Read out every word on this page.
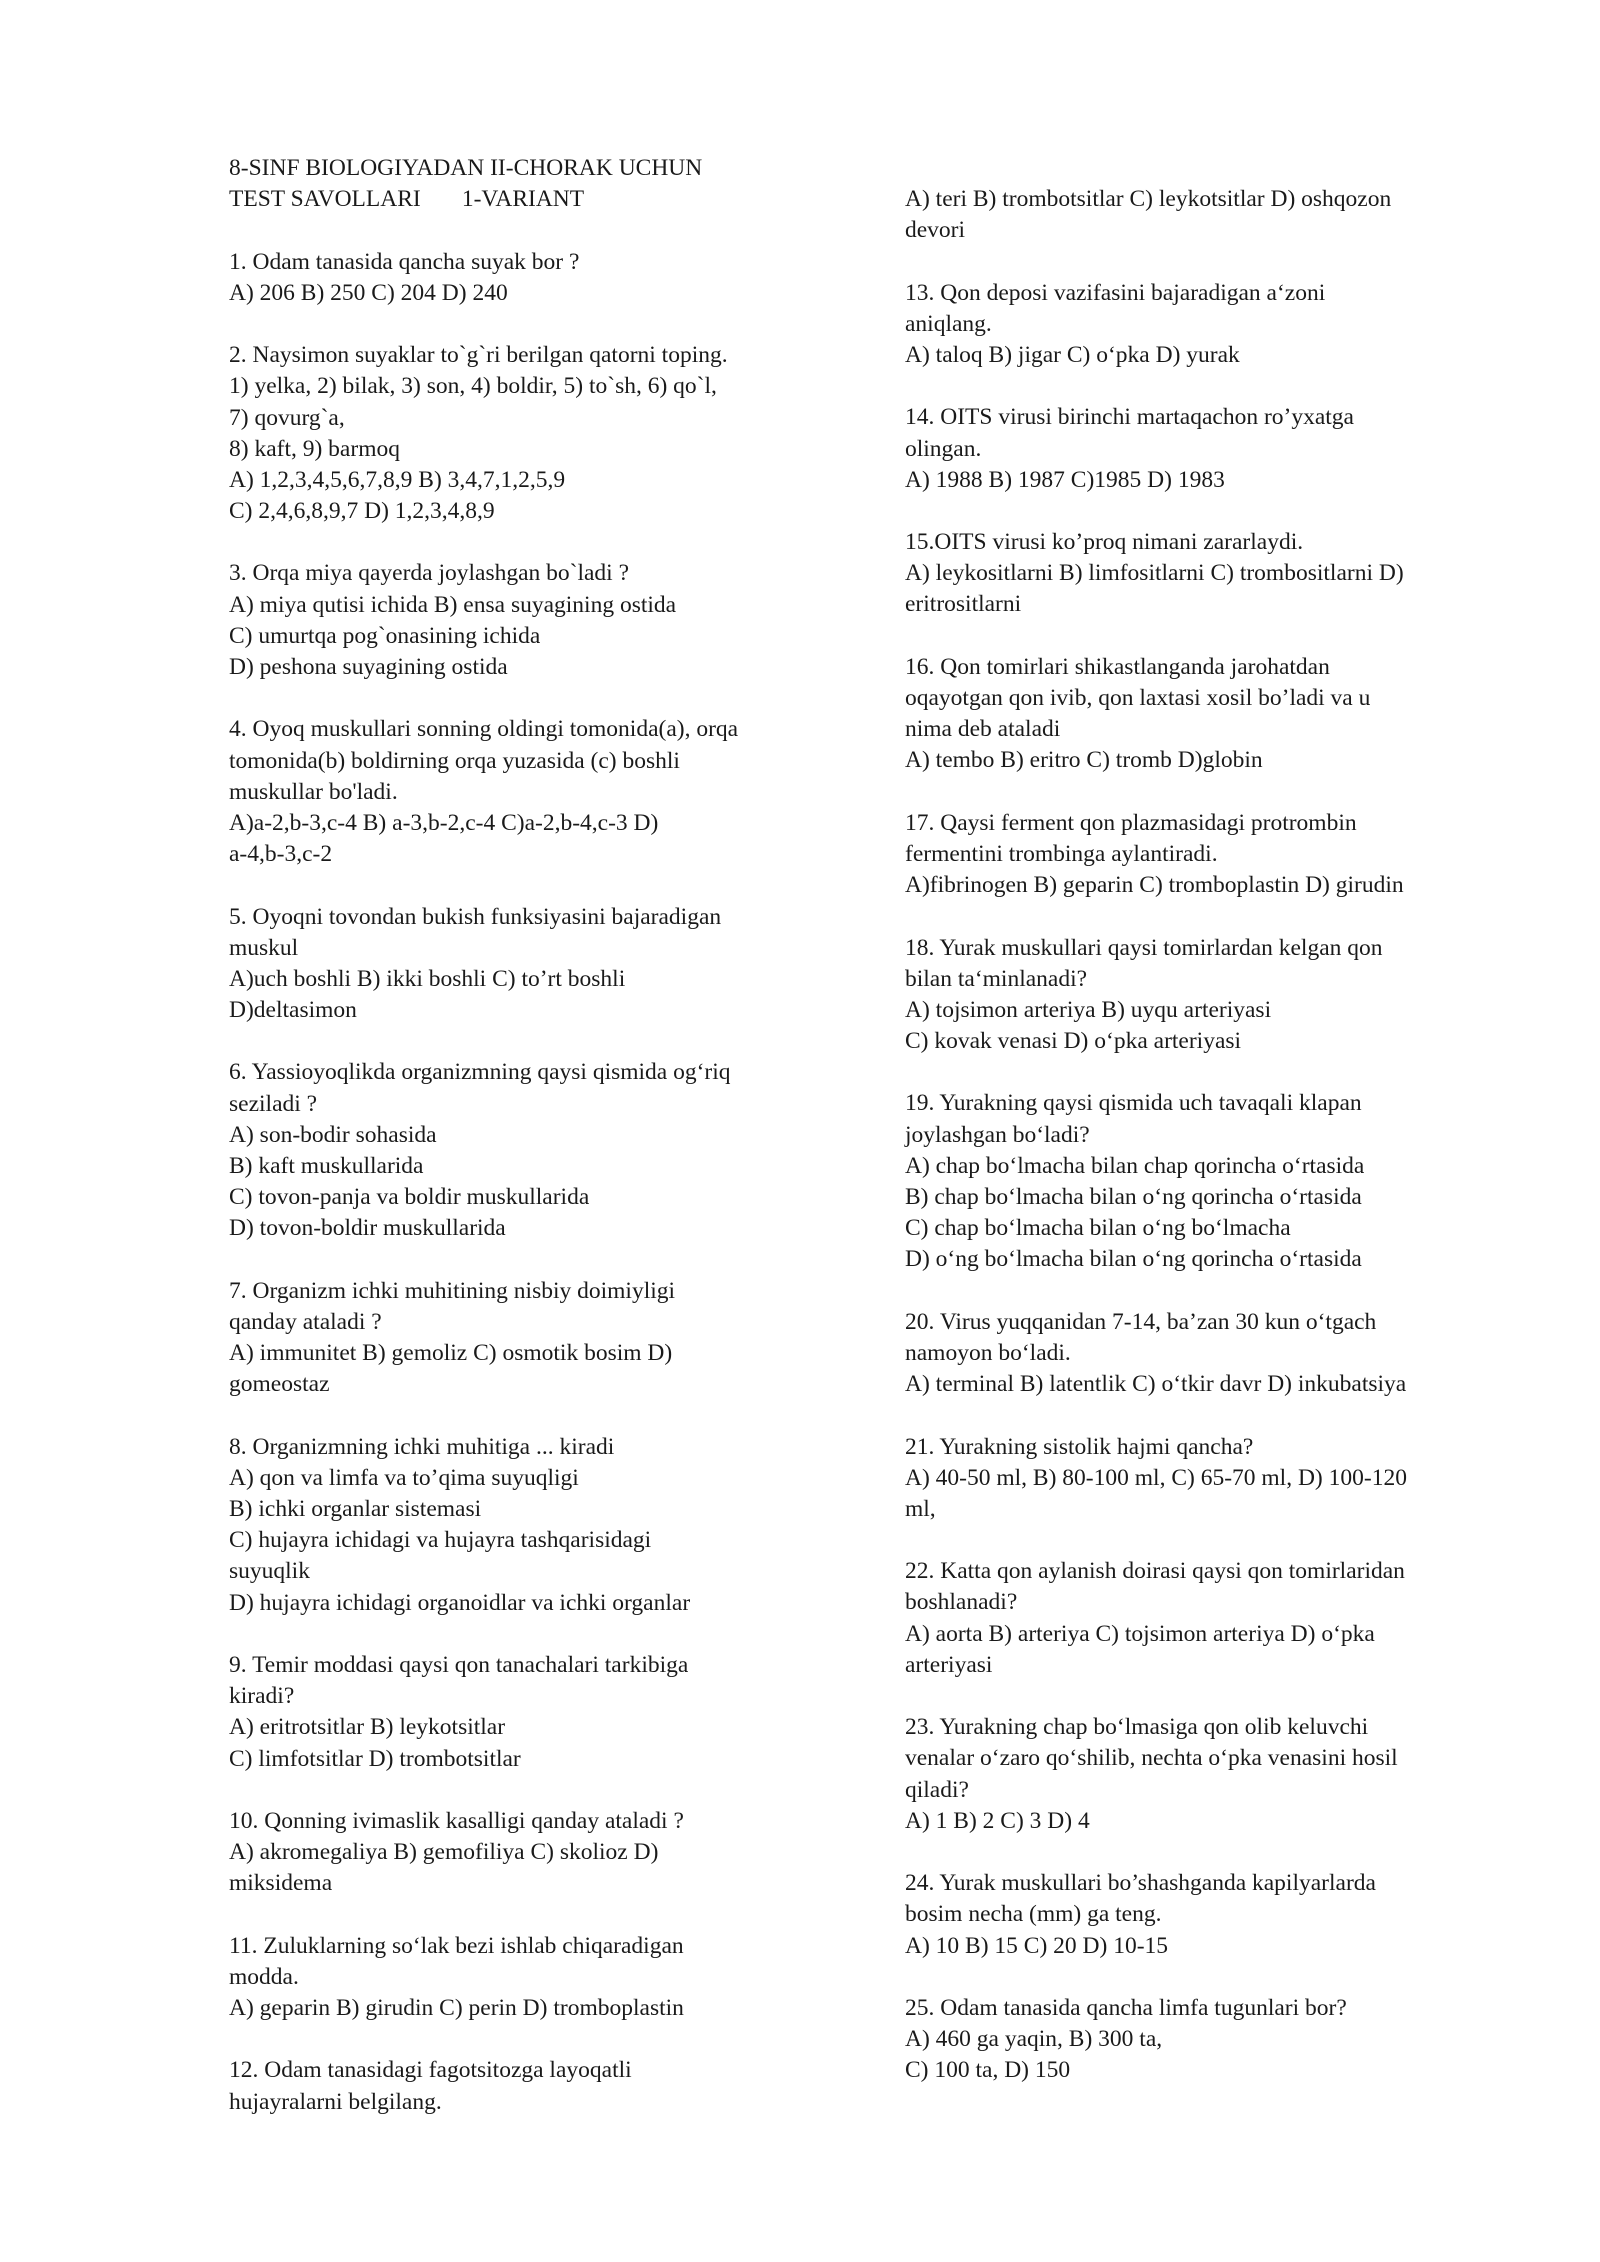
8-SINF BIOLOGIYADAN II-CHORAK UCHUN
TEST SAVOLLARI       1-VARIANT
1. Odam tanasida qancha suyak bor ?
A) 206 B) 250 C) 204 D) 240
2. Naysimon suyaklar to`g`ri berilgan qatorni toping.
1) yelka, 2) bilak, 3) son, 4) boldir, 5) to`sh, 6) qo`l,
7) qovurg`a,
8) kaft, 9) barmoq
A) 1,2,3,4,5,6,7,8,9 B) 3,4,7,1,2,5,9
C) 2,4,6,8,9,7 D) 1,2,3,4,8,9
3. Orqa miya qayerda joylashgan bo`ladi ?
A) miya qutisi ichida B) ensa suyagining ostida
C) umurtqa pog`onasining ichida
D) peshona suyagining ostida
4. Oyoq muskullari sonning oldingi tomonida(a), orqa
tomonida(b) boldirning orqa yuzasida (c) boshli
muskullar bo'ladi.
A)a-2,b-3,c-4 B) a-3,b-2,c-4 C)a-2,b-4,c-3 D)
a-4,b-3,c-2
5. Oyoqni tovondan bukish funksiyasini bajaradigan
muskul
A)uch boshli B) ikki boshli C) to’rt boshli
D)deltasimon
6. Yassioyoqlikda organizmning qaysi qismida og‘riq
seziladi ?
A) son-bodir sohasida
B) kaft muskullarida
C) tovon-panja va boldir muskullarida
D) tovon-boldir muskullarida
7. Organizm ichki muhitining nisbiy doimiyligi
qanday ataladi ?
A) immunitet B) gemoliz C) osmotik bosim D)
gomeostaz
8. Organizmning ichki muhitiga ... kiradi
A) qon va limfa va to’qima suyuqligi
B) ichki organlar sistemasi
C) hujayra ichidagi va hujayra tashqarisidagi
suyuqlik
D) hujayra ichidagi organoidlar va ichki organlar
9. Temir moddasi qaysi qon tanachalari tarkibiga
kiradi?
A) eritrotsitlar B) leykotsitlar
C) limfotsitlar D) trombotsitlar
10. Qonning ivimaslik kasalligi qanday ataladi ?
A) akromegaliya B) gemofiliya C) skolioz D)
miksidema
11. Zuluklarning so‘lak bezi ishlab chiqaradigan
modda.
A) geparin B) girudin C) perin D) tromboplastin
12. Odam tanasidagi fagotsitozga layoqatli
hujayralarni belgilang.
A) teri B) trombotsitlar C) leykotsitlar D) oshqozon
devori
13. Qon deposi vazifasini bajaradigan a‘zoni
aniqlang.
A) taloq B) jigar C) o‘pka D) yurak
14. OITS virusi birinchi martaqachon ro’yxatga
olingan.
A) 1988 B) 1987 C)1985 D) 1983
15.OITS virusi ko’proq nimani zararlaydi.
A) leykositlarni B) limfositlarni C) trombositlarni D)
eritrositlarni
16. Qon tomirlari shikastlanganda jarohatdan
oqayotgan qon ivib, qon laxtasi xosil bo’ladi va u
nima deb ataladi
A) tembo B) eritro C) tromb D)globin
17. Qaysi ferment qon plazmasidagi protrombin
fermentini trombinga aylantiradi.
A)fibrinogen B) geparin C) tromboplastin D) girudin
18. Yurak muskullari qaysi tomirlardan kelgan qon
bilan ta‘minlanadi?
A) tojsimon arteriya B) uyqu arteriyasi
C) kovak venasi D) o‘pka arteriyasi
19. Yurakning qaysi qismida uch tavaqali klapan
joylashgan bo‘ladi?
A) chap bo‘lmacha bilan chap qorincha o‘rtasida
B) chap bo‘lmacha bilan o‘ng qorincha o‘rtasida
C) chap bo‘lmacha bilan o‘ng bo‘lmacha
D) o‘ng bo‘lmacha bilan o‘ng qorincha o‘rtasida
20. Virus yuqqanidan 7-14, ba’zan 30 kun o‘tgach
namoyon bo‘ladi.
A) terminal B) latentlik C) o‘tkir davr D) inkubatsiya
21. Yurakning sistolik hajmi qancha?
A) 40-50 ml, B) 80-100 ml, C) 65-70 ml, D) 100-120
ml,
22. Katta qon aylanish doirasi qaysi qon tomirlaridan
boshlanadi?
A) aorta B) arteriya C) tojsimon arteriya D) o‘pka
arteriyasi
23. Yurakning chap bo‘lmasiga qon olib keluvchi
venalar o‘zaro qo‘shilib, nechta o‘pka venasini hosil
qiladi?
A) 1 B) 2 C) 3 D) 4
24. Yurak muskullari bo’shashganda kapilyarlarda
bosim necha (mm) ga teng.
A) 10 B) 15 C) 20 D) 10-15
25. Odam tanasida qancha limfa tugunlari bor?
A) 460 ga yaqin, B) 300 ta,
C) 100 ta, D) 150
